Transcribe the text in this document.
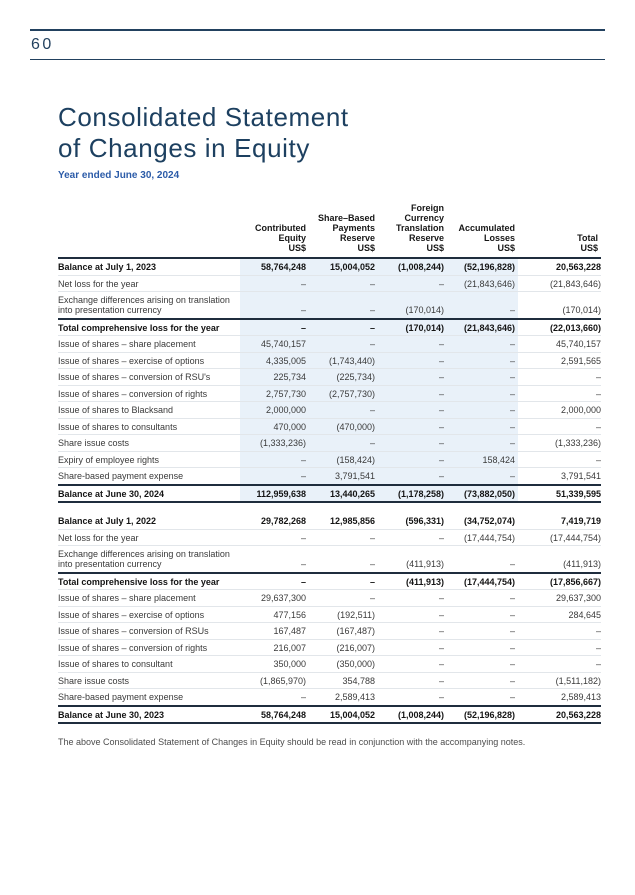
60
Consolidated Statement
of Changes in Equity
Year ended June 30, 2024

Contributed
Equity
US$

Share–Based
Payments
Reserve
US$

Foreign
Currency
Translation
Reserve
US$

Accumulated
Losses
US$

Total
US$

Balance at July 1, 2023	58,764,248	15,004,052	(1,008,244)	(52,196,828)	20,563,228
Net loss for the year	–	–	–	(21,843,646)	(21,843,646)
Exchange differences arising on translation into presentation currency	–	–	(170,014)	–	(170,014)
Total comprehensive loss for the year	–	–	(170,014)	(21,843,646)	(22,013,660)
Issue of shares – share placement	45,740,157	–	–	–	45,740,157
Issue of shares – exercise of options	4,335,005	(1,743,440)	–	–	2,591,565
Issue of shares – conversion of RSU's	225,734	(225,734)	–	–	–
Issue of shares – conversion of rights	2,757,730	(2,757,730)	–	–	–
Issue of shares to Blacksand	2,000,000	–	–	–	2,000,000
Issue of shares to consultants	470,000	(470,000)	–	–	–
Share issue costs	(1,333,236)	–	–	–	(1,333,236)
Expiry of employee rights	–	(158,424)	–	158,424	–
Share-based payment expense	–	3,791,541	–	–	3,791,541
Balance at June 30, 2024	112,959,638	13,440,265	(1,178,258)	(73,882,050)	51,339,595

Balance at July 1, 2022	29,782,268	12,985,856	(596,331)	(34,752,074)	7,419,719
Net loss for the year	–	–	–	(17,444,754)	(17,444,754)
Exchange differences arising on translation into presentation currency	–	–	(411,913)	–	(411,913)
Total comprehensive loss for the year	–	–	(411,913)	(17,444,754)	(17,856,667)
Issue of shares – share placement	29,637,300	–	–	–	29,637,300
Issue of shares – exercise of options	477,156	(192,511)	–	–	284,645
Issue of shares – conversion of RSUs	167,487	(167,487)	–	–	–
Issue of shares – conversion of rights	216,007	(216,007)	–	–	–
Issue of shares to consultant	350,000	(350,000)	–	–	–
Share issue costs	(1,865,970)	354,788	–	–	(1,511,182)
Share-based payment expense	–	2,589,413	–	–	2,589,413
Balance at June 30, 2023	58,764,248	15,004,052	(1,008,244)	(52,196,828)	20,563,228

The above Consolidated Statement of Changes in Equity should be read in conjunction with the accompanying notes.
